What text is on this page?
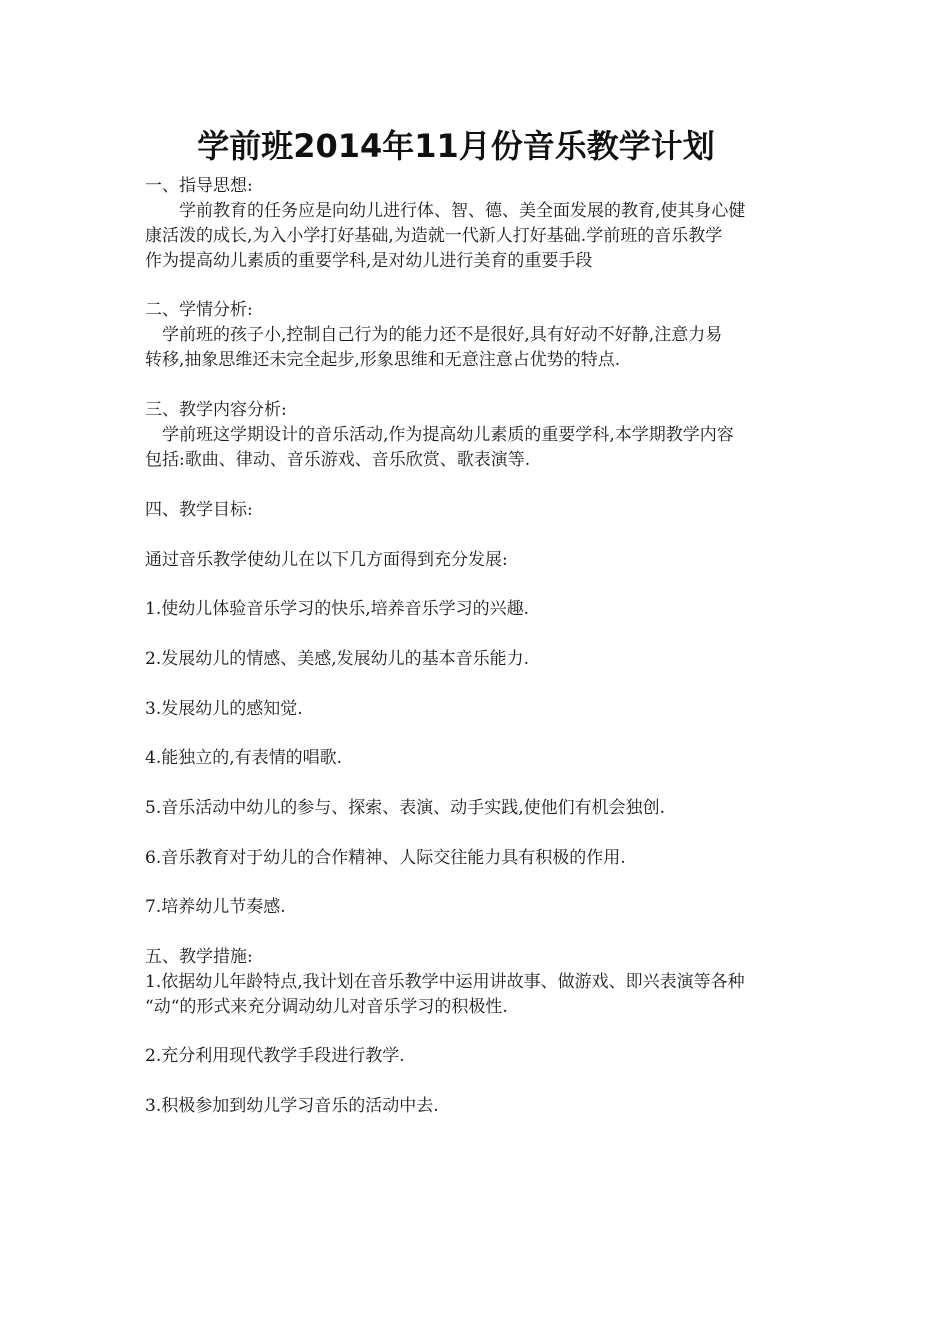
学前班2014年11月份音乐教学计划
一、指导思想:
　　学前教育的任务应是向幼儿进行体、智、德、美全面发展的教育,使其身心健
康活泼的成长,为入小学打好基础,为造就一代新人打好基础.学前班的音乐教学
作为提高幼儿素质的重要学科,是对幼儿进行美育的重要手段
二、学情分析:
　学前班的孩子小,控制自己行为的能力还不是很好,具有好动不好静,注意力易
转移,抽象思维还未完全起步,形象思维和无意注意占优势的特点.
三、教学内容分析:
　学前班这学期设计的音乐活动,作为提高幼儿素质的重要学科,本学期教学内容
包括:歌曲、律动、音乐游戏、音乐欣赏、歌表演等.
四、教学目标:
通过音乐教学使幼儿在以下几方面得到充分发展:
1.使幼儿体验音乐学习的快乐,培养音乐学习的兴趣.
2.发展幼儿的情感、美感,发展幼儿的基本音乐能力.
3.发展幼儿的感知觉.
4.能独立的,有表情的唱歌.
5.音乐活动中幼儿的参与、探索、表演、动手实践,使他们有机会独创.
6.音乐教育对于幼儿的合作精神、人际交往能力具有积极的作用.
7.培养幼儿节奏感.
五、教学措施:
1.依据幼儿年龄特点,我计划在音乐教学中运用讲故事、做游戏、即兴表演等各种
“动“的形式来充分调动幼儿对音乐学习的积极性.
2.充分利用现代教学手段进行教学.
3.积极参加到幼儿学习音乐的活动中去.
